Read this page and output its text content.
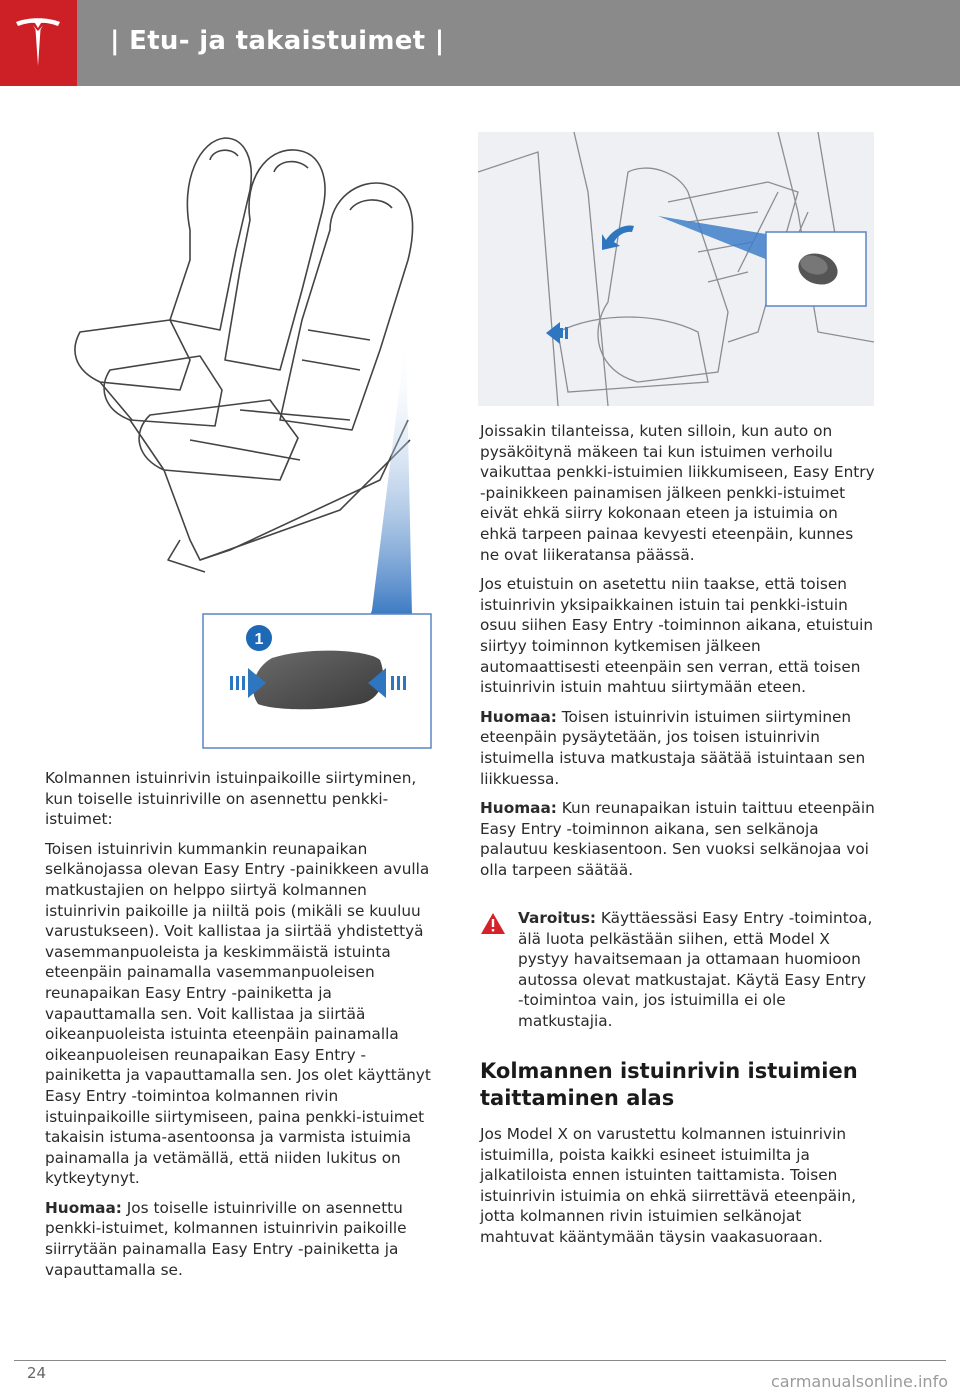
| Etu- ja takaistuimet |
1

Kolmannen istuinrivin istuinpaikoille siirtyminen, kun toiselle istuinriville on asennettu penkki-istuimet:

Toisen istuinrivin kummankin reunapaikan selkänojassa olevan Easy Entry -painikkeen avulla matkustajien on helppo siirtyä kolmannen istuinrivin paikoille ja niiltä pois (mikäli se kuuluu varustukseen). Voit kallistaa ja siirtää yhdistettyä vasemmanpuoleista ja keskimmäistä istuinta eteenpäin painamalla vasemmanpuoleisen reunapaikan Easy Entry -painiketta ja vapauttamalla sen. Voit kallistaa ja siirtää oikeanpuoleista istuinta eteenpäin painamalla oikeanpuoleisen reunapaikan Easy Entry -painiketta ja vapauttamalla sen. Jos olet käyttänyt Easy Entry -toimintoa kolmannen rivin istuinpaikoille siirtymiseen, paina penkki-istuimet takaisin istuma-asentoonsa ja varmista istuimia painamalla ja vetämällä, että niiden lukitus on kytkeytynyt.

Huomaa: Jos toiselle istuinriville on asennettu penkki-istuimet, kolmannen istuinrivin paikoille siirrytään painamalla Easy Entry -painiketta ja vapauttamalla se.

Joissakin tilanteissa, kuten silloin, kun auto on pysäköitynä mäkeen tai kun istuimen verhoilu vaikuttaa penkki-istuimien liikkumiseen, Easy Entry -painikkeen painamisen jälkeen penkki-istuimet eivät ehkä siirry kokonaan eteen ja istuimia on ehkä tarpeen painaa kevyesti eteenpäin, kunnes ne ovat liikeratansa päässä.

Jos etuistuin on asetettu niin taakse, että toisen istuinrivin yksipaikkainen istuin tai penkki-istuin osuu siihen Easy Entry -toiminnon aikana, etuistuin siirtyy toiminnon kytkemisen jälkeen automaattisesti eteenpäin sen verran, että toisen istuinrivin istuin mahtuu siirtymään eteen.

Huomaa: Toisen istuinrivin istuimen siirtyminen eteenpäin pysäytetään, jos toisen istuinrivin istuimella istuva matkustaja säätää istuintaan sen liikkuessa.

Huomaa: Kun reunapaikan istuin taittuu eteenpäin Easy Entry -toiminnon aikana, sen selkänoja palautuu keskiasentoon. Sen vuoksi selkänojaa voi olla tarpeen säätää.

Varoitus: Käyttäessäsi Easy Entry -toimintoa, älä luota pelkästään siihen, että Model X pystyy havaitsemaan ja ottamaan huomioon autossa olevat matkustajat. Käytä Easy Entry -toimintoa vain, jos istuimilla ei ole matkustajia.
Kolmannen istuinrivin istuimien taittaminen alas

Jos Model X on varustettu kolmannen istuinrivin istuimilla, poista kaikki esineet istuimilta ja jalkatiloista ennen istuinten taittamista. Toisen istuinrivin istuimia on ehkä siirrettävä eteenpäin, jotta kolmannen rivin istuimien selkänojat mahtuvat kääntymään täysin vaakasuoraan.

24	carmanualsonline.info
